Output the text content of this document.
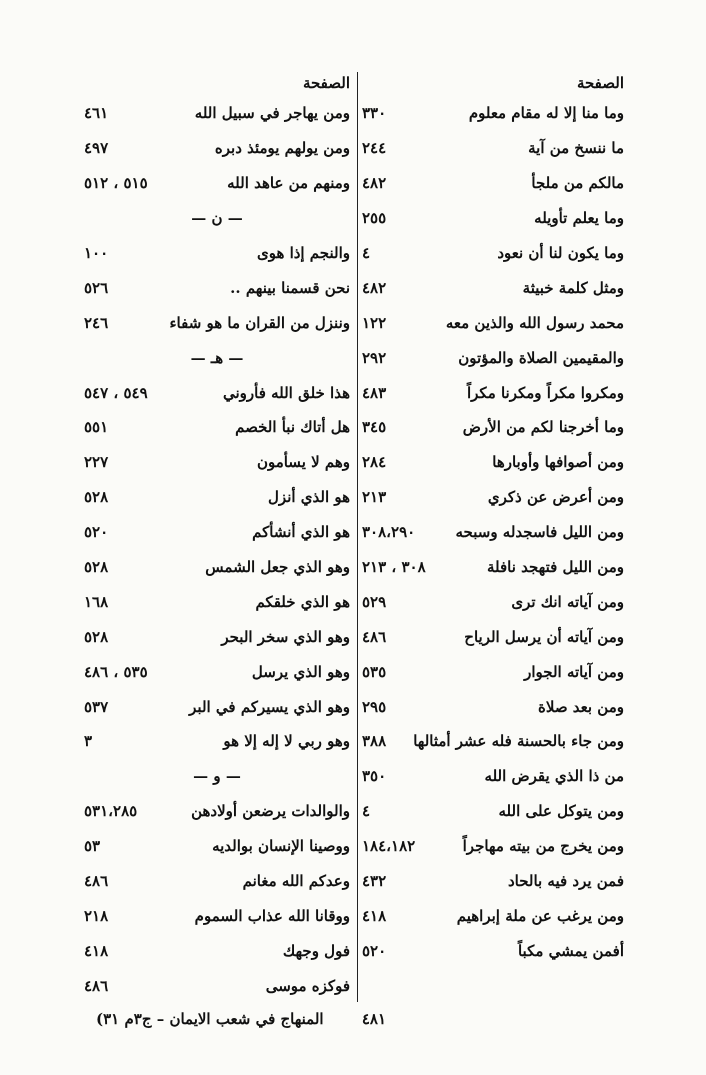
الصفحة
وما منا إلا له مقام معلوم
٣٣٠
ما ننسخ من آية
٢٤٤
مالكم من ملجأ
٤٨٢
وما يعلم تأويله
٢٥٥
وما يكون لنا أن نعود
٤
ومثل كلمة خبيثة
٤٨٢
محمد رسول الله والذين معه
١٢٢
والمقيمين الصلاة والمؤتون
٢٩٢
ومكروا مكراً ومكرنا مكراً
٤٨٣
وما أخرجنا لكم من الأرض
٣٤٥
ومن أصوافها وأوبارها
٢٨٤
ومن أعرض عن ذكري
٢١٣
ومن الليل فاسجدله وسبحه
٣٠٨،٢٩٠
ومن الليل فتهجد نافلة
٣٠٨ ، ٢١٣
ومن آياته انك ترى
٥٢٩
ومن آياته أن يرسل الرياح
٤٨٦
ومن آياته الجوار
٥٣٥
ومن بعد صلاة
٢٩٥
ومن جاء بالحسنة فله عشر أمثالها
٣٨٨
من ذا الذي يقرض الله
٣٥٠
ومن يتوكل على الله
٤
ومن يخرج من بيته مهاجراً
١٨٤،١٨٢
فمن يرد فيه بالحاد
٤٣٢
ومن يرغب عن ملة إبراهيم
٤١٨
أفمن يمشي مكباً
٥٢٠
الصفحة
ومن يهاجر في سبيل الله
٤٦١
ومن يولهم يومئذ دبره
٤٩٧
ومنهم من عاهد الله
٥١٥ ، ٥١٢
— ن —
والنجم إذا هوى
١٠٠
نحن قسمنا بينهم ..
٥٢٦
وننزل من القران ما هو شفاء
٢٤٦
— هـ —
هذا خلق الله فأروني
٥٤٩ ، ٥٤٧
هل أتاك نبأ الخصم
٥٥١
وهم لا يسأمون
٢٢٧
هو الذي أنزل
٥٢٨
هو الذي أنشأكم
٥٢٠
وهو الذي جعل الشمس
٥٢٨
هو الذي خلقكم
١٦٨
وهو الذي سخر البحر
٥٢٨
وهو الذي يرسل
٥٣٥ ، ٤٨٦
وهو الذي يسيركم في البر
٥٣٧
وهو ربي لا إله إلا هو
٣
— و —
والوالدات يرضعن أولادهن
٥٣١،٢٨٥
ووصينا الإنسان بوالديه
٥٣
وعدكم الله مغانم
٤٨٦
ووقانا الله عذاب السموم
٢١٨
فول وجهك
٤١٨
فوكزه موسى
٤٨٦
٤٨١
المنهاج في شعب الايمان – ج٣م ٣١)
